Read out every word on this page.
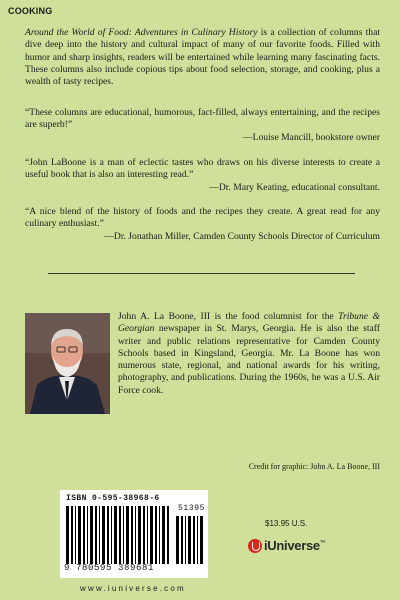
COOKING
Around the World of Food: Adventures in Culinary History is a collection of columns that dive deep into the history and cultural impact of many of our favorite foods. Filled with humor and sharp insights, readers will be entertained while learning many fascinating facts. These columns also include copious tips about food selection, storage, and cooking, plus a wealth of tasty recipes.
“These columns are educational, humorous, fact-filled, always entertaining, and the recipes are superb!”
—Louise Mancill, bookstore owner
“John LaBoone is a man of eclectic tastes who draws on his diverse interests to create a useful book that is also an interesting read.”
—Dr. Mary Keating, educational consultant.
“A nice blend of the history of foods and the recipes they create. A great read for any culinary enthusiast.”
—Dr. Jonathan Miller, Camden County Schools Director of Curriculum
John A. La Boone, III is the food columnist for the Tribune & Georgian newspaper in St. Marys, Georgia. He is also the staff writer and public relations representative for Camden County Schools based in Kingsland, Georgia. Mr. La Boone has won numerous state, regional, and national awards for his writing, photography, and publications. During the 1960s, he was a U.S. Air Force cook.
Credit for graphic: John A. La Boone, III
ISBN 0-595-38968-6
51395
9 780595 389681
$13.95 U.S.
iUniverse™
www.iuniverse.com
